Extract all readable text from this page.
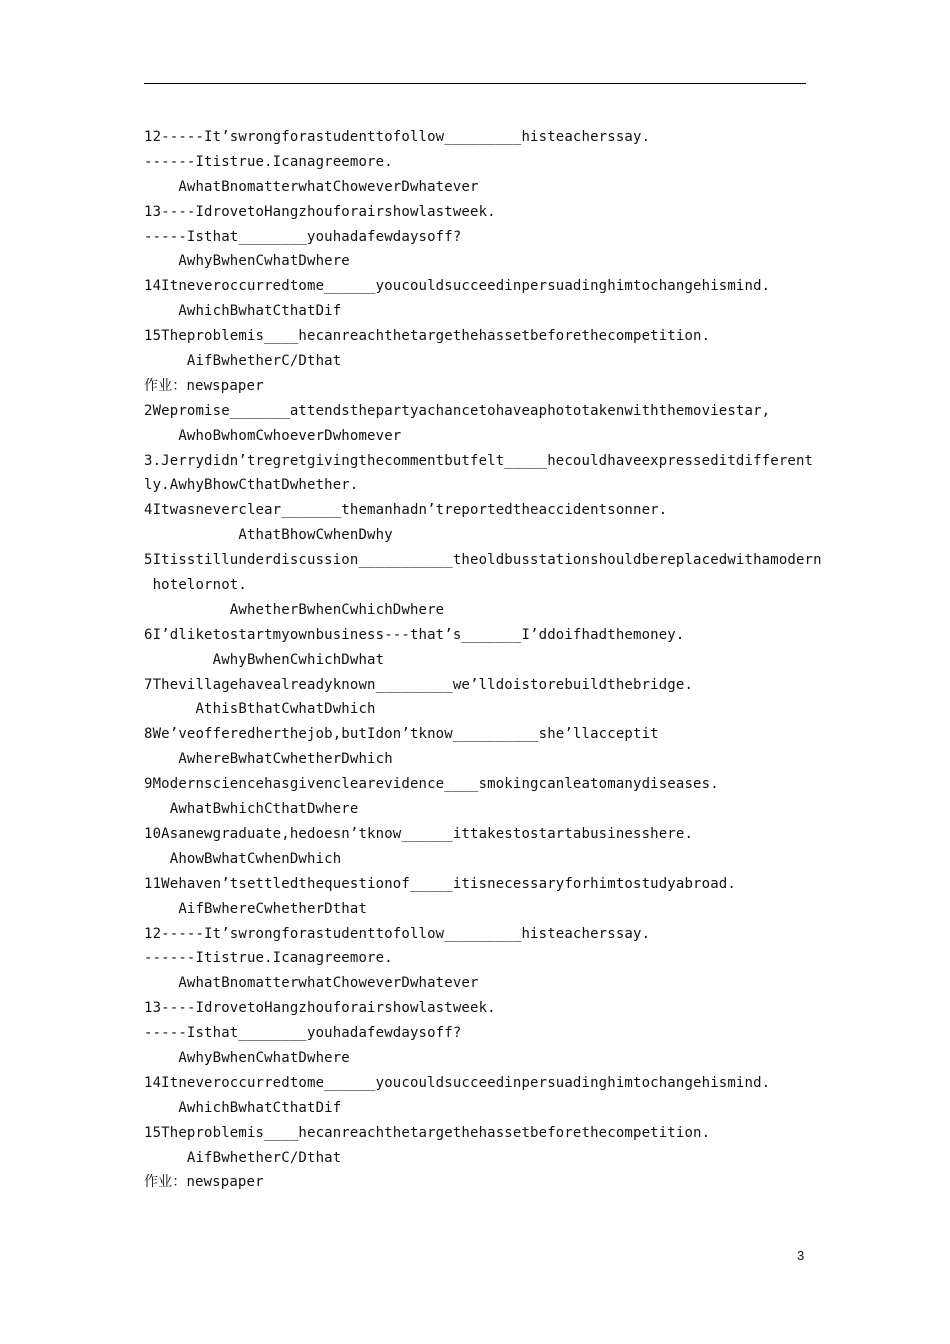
12-----It’swrongforastudenttofollow_________histeacherssay.
------Itistrue.Icanagreemore.
AwhatBnomatterwhatChoweverDwhatever
13----IdrovetoHangzhouforairshowlastweek.
-----Isthat________youhadafewdaysoff?
AwhyBwhenCwhatDwhere
14Itneveroccurredtome______youcouldsucceedinpersuadinghimtochangehismind.
AwhichBwhatCthatDif
15Theproblemis____hecanreachthetargethehassetbeforethecompetition.
AifBwhetherC/Dthat
作业：newspaper
2Wepromise_______attendsthepartyachancetohaveaphototakenwiththemoviestar,
AwhoBwhomCwhoeverDwhomever
3.Jerrydidn’tregretgivingthecommentbutfelt_____hecouldhaveexpresseditdifferent
ly.AwhyBhowCthatDwhether.
4Itwasneverclear_______themanhadn’treportedtheaccidentsonner.
AthatBhowCwhenDwhy
5Itisstillunderdiscussion___________theoldbusstationshouldbereplacedwithamodern
hotelornot.
AwhetherBwhenCwhichDwhere
6I’dliketostartmyownbusiness---that’s_______I’ddoifhadthemoney.
AwhyBwhenCwhichDwhat
7Thevillagehavealreadyknown_________we’lldoistorebuildthebridge.
AthisBthatCwhatDwhich
8We’veofferedherthejob,butIdon’tknow__________she’llacceptit
AwhereBwhatCwhetherDwhich
9Modernsciencehasgivenclearevidence____smokingcanleatomanydiseases.
AwhatBwhichCthatDwhere
10Asanewgraduate,hedoesn’tknow______ittakestostartabusinesshere.
AhowBwhatCwhenDwhich
11Wehaven’tsettledthequestionof_____itisnecessaryforhimtostudyabroad.
AifBwhereCwhetherDthat
12-----It’swrongforastudenttofollow_________histeacherssay.
------Itistrue.Icanagreemore.
AwhatBnomatterwhatChoweverDwhatever
13----IdrovetoHangzhouforairshowlastweek.
-----Isthat________youhadafewdaysoff?
AwhyBwhenCwhatDwhere
14Itneveroccurredtome______youcouldsucceedinpersuadinghimtochangehismind.
AwhichBwhatCthatDif
15Theproblemis____hecanreachthetargethehassetbeforethecompetition.
AifBwhetherC/Dthat
作业：newspaper
3
